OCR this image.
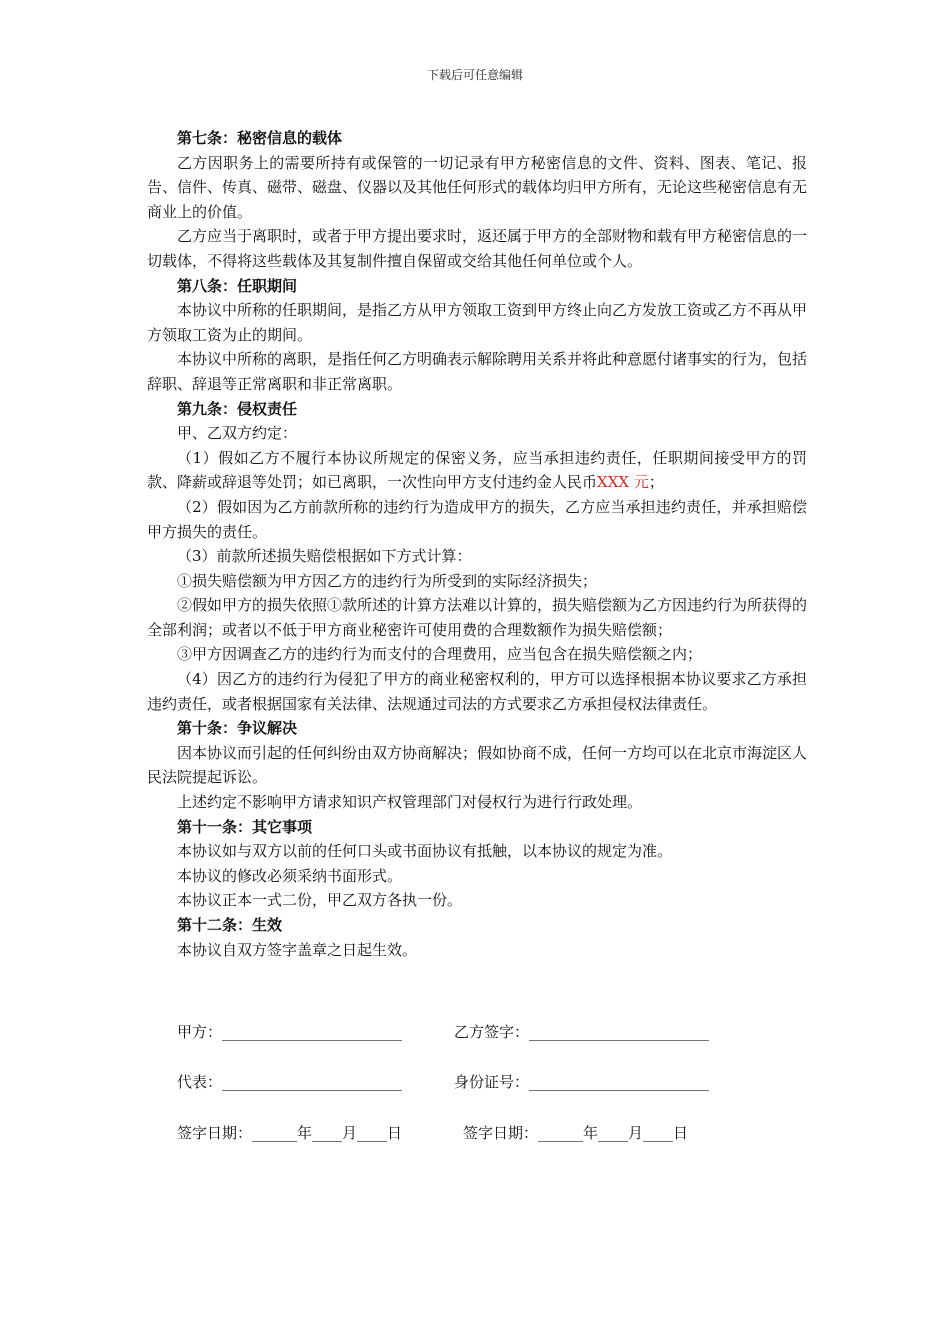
下载后可任意编辑

第七条：秘密信息的载体

乙方因职务上的需要所持有或保管的一切记录有甲方秘密信息的文件、资料、图表、笔记、报告、信件、传真、磁带、磁盘、仪器以及其他任何形式的载体均归甲方所有，无论这些秘密信息有无商业上的价值。

乙方应当于离职时，或者于甲方提出要求时，返还属于甲方的全部财物和载有甲方秘密信息的一切载体，不得将这些载体及其复制件擅自保留或交给其他任何单位或个人。

第八条：任职期间

本协议中所称的任职期间，是指乙方从甲方领取工资到甲方终止向乙方发放工资或乙方不再从甲方领取工资为止的期间。

本协议中所称的离职，是指任何乙方明确表示解除聘用关系并将此种意愿付诸事实的行为，包括辞职、辞退等正常离职和非正常离职。

第九条：侵权责任

甲、乙双方约定：

（1）假如乙方不履行本协议所规定的保密义务，应当承担违约责任，任职期间接受甲方的罚款、降薪或辞退等处罚；如已离职，一次性向甲方支付违约金人民币XXX 元；

（2）假如因为乙方前款所称的违约行为造成甲方的损失，乙方应当承担违约责任，并承担赔偿甲方损失的责任。

（3）前款所述损失赔偿根据如下方式计算：

①损失赔偿额为甲方因乙方的违约行为所受到的实际经济损失；

②假如甲方的损失依照①款所述的计算方法难以计算的，损失赔偿额为乙方因违约行为所获得的全部利润；或者以不低于甲方商业秘密许可使用费的合理数额作为损失赔偿额；

③甲方因调查乙方的违约行为而支付的合理费用，应当包含在损失赔偿额之内；

（4）因乙方的违约行为侵犯了甲方的商业秘密权利的，甲方可以选择根据本协议要求乙方承担违约责任，或者根据国家有关法律、法规通过司法的方式要求乙方承担侵权法律责任。

第十条：争议解决

因本协议而引起的任何纠纷由双方协商解决；假如协商不成，任何一方均可以在北京市海淀区人民法院提起诉讼。

上述约定不影响甲方请求知识产权管理部门对侵权行为进行行政处理。

第十一条：其它事项

本协议如与双方以前的任何口头或书面协议有抵触，以本协议的规定为准。

本协议的修改必须采纳书面形式。

本协议正本一式二份，甲乙双方各执一份。

第十二条：生效

本协议自双方签字盖章之日起生效。

甲方：________________________	乙方签字：________________________
代表：________________________	身份证号：________________________
签字日期：______年____月____日	签字日期：______年____月____日
